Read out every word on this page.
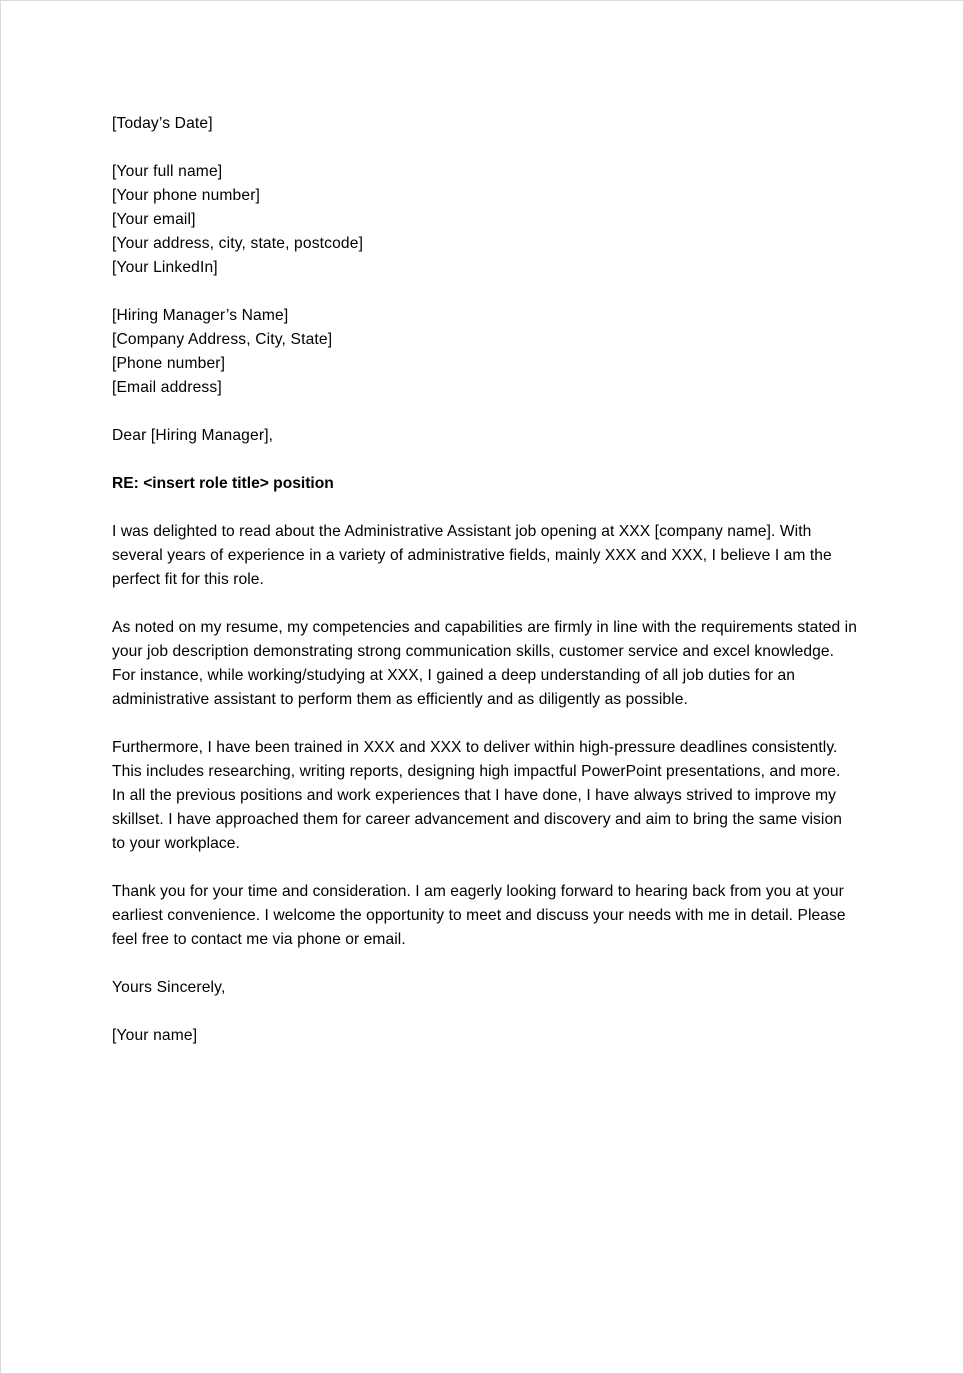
[Today’s Date]
[Your full name]
[Your phone number]
[Your email]
[Your address, city, state, postcode]
[Your LinkedIn]
[Hiring Manager’s Name]
[Company Address, City, State]
[Phone number]
[Email address]
Dear [Hiring Manager],
RE: <insert role title> position

I was delighted to read about the Administrative Assistant job opening at XXX [company name]. With several years of experience in a variety of administrative fields, mainly XXX and XXX, I believe I am the perfect fit for this role.

As noted on my resume, my competencies and capabilities are firmly in line with the requirements stated in your job description demonstrating strong communication skills, customer service and excel knowledge. For instance, while working/studying at XXX, I gained a deep understanding of all job duties for an administrative assistant to perform them as efficiently and as diligently as possible.

Furthermore, I have been trained in XXX and XXX to deliver within high-pressure deadlines consistently. This includes researching, writing reports, designing high impactful PowerPoint presentations, and more. In all the previous positions and work experiences that I have done, I have always strived to improve my skillset. I have approached them for career advancement and discovery and aim to bring the same vision to your workplace.

Thank you for your time and consideration. I am eagerly looking forward to hearing back from you at your earliest convenience. I welcome the opportunity to meet and discuss your needs with me in detail. Please feel free to contact me via phone or email.

Yours Sincerely,
[Your name]
